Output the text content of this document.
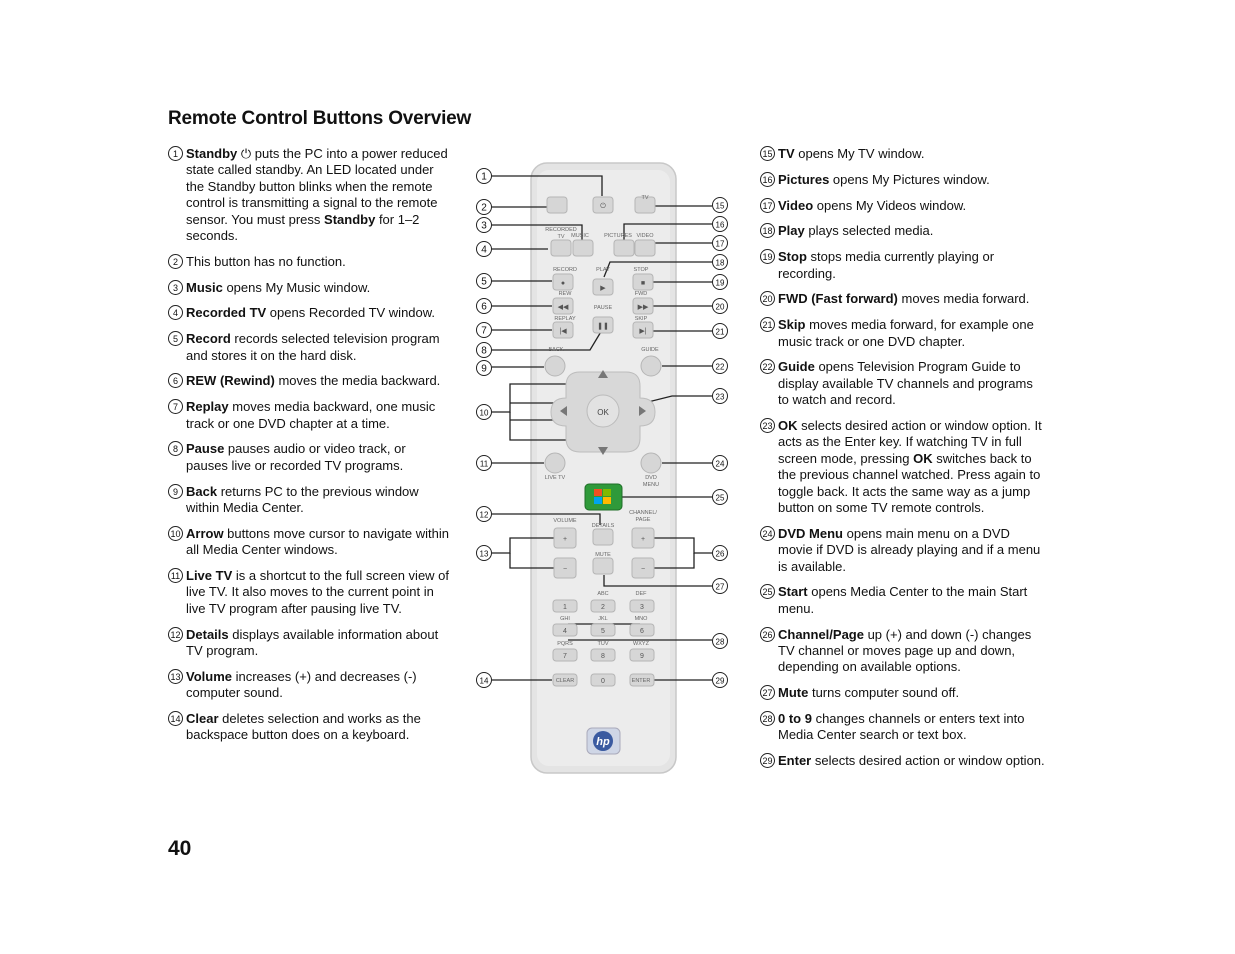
Remote Control Buttons Overview
1 Standby ⏻ puts the PC into a power reduced state called standby. An LED located under the Standby button blinks when the remote control is transmitting a signal to the remote sensor. You must press Standby for 1–2 seconds.
2 This button has no function.
3 Music opens My Music window.
4 Recorded TV opens Recorded TV window.
5 Record records selected television program and stores it on the hard disk.
6 REW (Rewind) moves the media backward.
7 Replay moves media backward, one music track or one DVD chapter at a time.
8 Pause pauses audio or video track, or pauses live or recorded TV programs.
9 Back returns PC to the previous window within Media Center.
10 Arrow buttons move cursor to navigate within all Media Center windows.
11 Live TV is a shortcut to the full screen view of live TV. It also moves to the current point in live TV program after pausing live TV.
12 Details displays available information about TV program.
13 Volume increases (+) and decreases (-) computer sound.
14 Clear deletes selection and works as the backspace button does on a keyboard.
15 TV opens My TV window.
16 Pictures opens My Pictures window.
17 Video opens My Videos window.
18 Play plays selected media.
19 Stop stops media currently playing or recording.
20 FWD (Fast forward) moves media forward.
21 Skip moves media forward, for example one music track or one DVD chapter.
22 Guide opens Television Program Guide to display available TV channels and programs to watch and record.
23 OK selects desired action or window option. It acts as the Enter key. If watching TV in full screen mode, pressing OK switches back to the previous channel watched. Press again to toggle back. It acts the same way as a jump button on some TV remote controls.
24 DVD Menu opens main menu on a DVD movie if DVD is already playing and if a menu is available.
25 Start opens Media Center to the main Start menu.
26 Channel/Page up (+) and down (-) changes TV channel or moves page up and down, depending on available options.
27 Mute turns computer sound off.
28 0 to 9 changes channels or enters text into Media Center search or text box.
29 Enter selects desired action or window option.
⏻
●
▶
■
◀◀	▶▶
|◀
❚❚
▶|
+
−
+
−
1	2	3
4	5	6
7	8	9
0
OK
hp
TV
RECORDED
TV MUSIC	PICTURES VIDEO
RECORD	PLAY	STOP
REW
PAUSE
FWD
REPLAY	SKIP
BACK	GUIDE
LIVE TV	DVD
MENU
VOLUME
DETAILS
CHANNEL/
PAGE
MUTE
ABC	DEF
GHI	JKL	MNO
PQRS	TUV	WXYZ
CLEAR	ENTER
1
2
3
4
5
6
7
8
9
10
11
12
13
14
15
16
17
18
19
20
21
22
23
24
25
26
27
28
29
40
